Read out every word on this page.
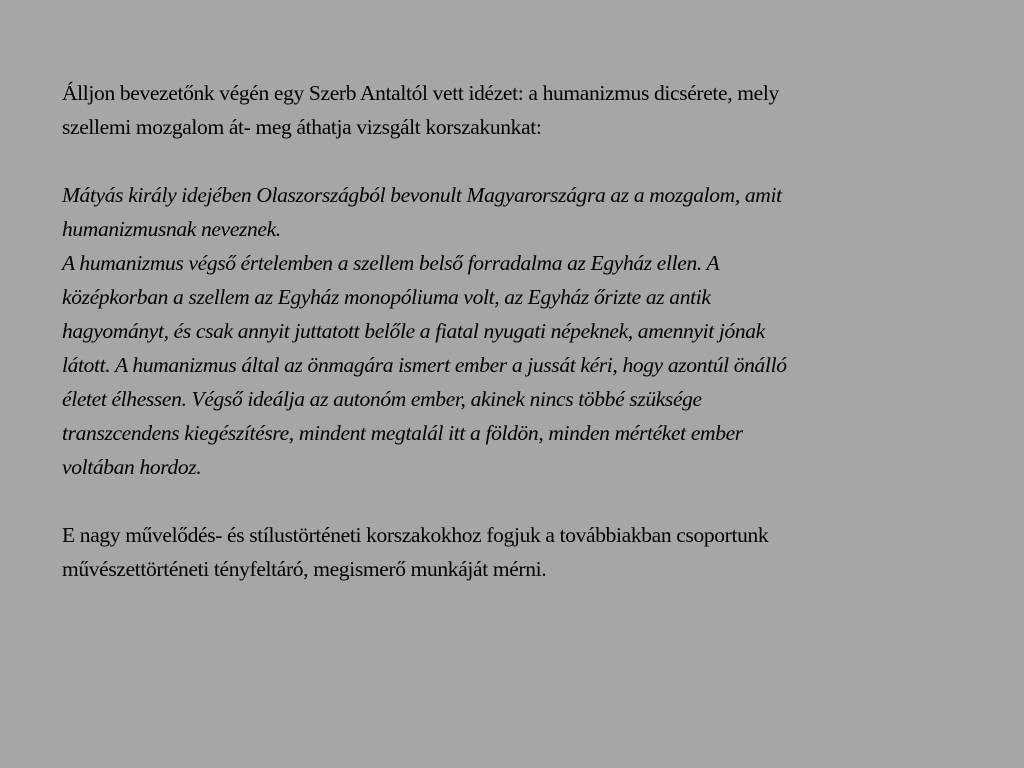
Álljon bevezetőnk végén egy Szerb Antaltól vett idézet: a humanizmus dicsérete, mely
szellemi mozgalom át- meg áthatja vizsgált korszakunkat:

Mátyás király idejében Olaszországból bevonult Magyarországra az a mozgalom, amit
humanizmusnak neveznek.

A humanizmus végső értelemben a szellem belső forradalma az Egyház ellen. A
középkorban a szellem az Egyház monopóliuma volt, az Egyház őrizte az antik
hagyományt, és csak annyit juttatott belőle a fiatal nyugati népeknek, amennyit jónak
látott. A humanizmus által az önmagára ismert ember a jussát kéri, hogy azontúl önálló
életet élhessen. Végső ideálja az autonóm ember, akinek nincs többé szüksége
transzcendens kiegészítésre, mindent megtalál itt a földön, minden mértéket ember
voltában hordoz.

E nagy művelődés- és stílustörténeti korszakokhoz fogjuk a továbbiakban csoportunk
művészettörténeti tényfeltáró, megismerő munkáját mérni.
